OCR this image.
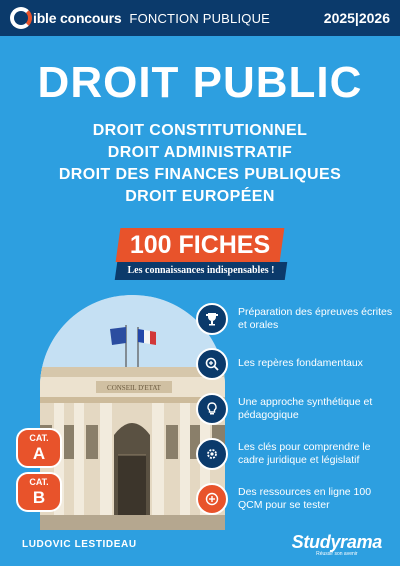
ible concours FONCTION PUBLIQUE	2025|2026
DROIT PUBLIC
DROIT CONSTITUTIONNEL
DROIT ADMINISTRATIF
DROIT DES FINANCES PUBLIQUES
DROIT EUROPÉEN
100 FICHES
Les connaissances indispensables !
CONSEIL D'ETAT
CAT.
A
CAT.
B
Préparation des épreuves écrites et orales
Les repères fondamentaux
Une approche synthétique et pédagogique
Les clés pour comprendre le cadre juridique et législatif
Des ressources en ligne 100 QCM pour se tester
LUDOVIC LESTIDEAU	Studyrama
Réussir son avenir
